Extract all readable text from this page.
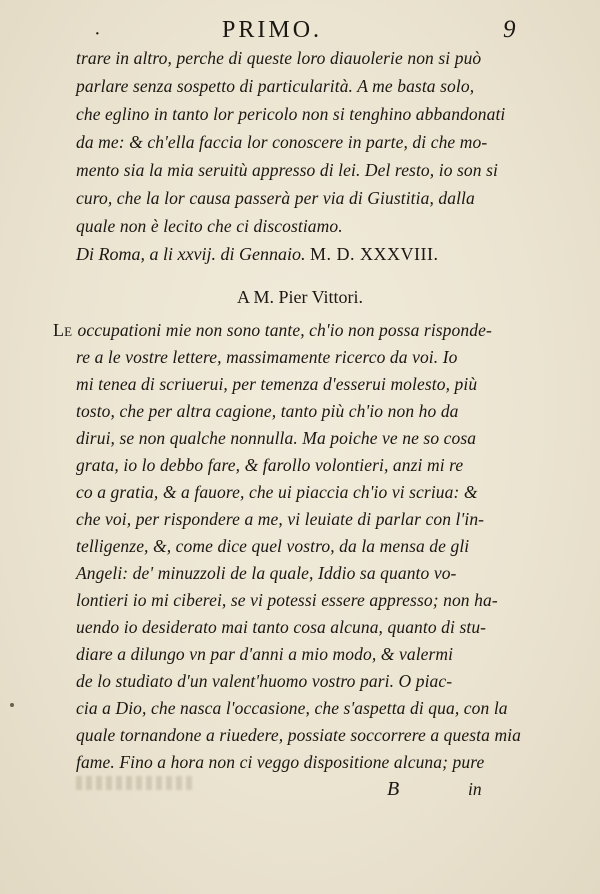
·	PRIMO.	9
trare in altro, perche di queste loro diauolerie non si può
parlare senza sospetto di particularità. A me basta solo,
che eglino in tanto lor pericolo non si tenghino abbandonati
da me: & ch'ella faccia lor conoscere in parte, di che mo-
mento sia la mia seruitù appresso di lei. Del resto, io son si
curo, che la lor causa passerà per via di Giustitia, dalla
quale non è lecito che ci discostiamo.
Di Roma, a li xxvij. di Gennaio. M. D. XXXVIII.
A M. Pier Vittori.
LE occupationi mie non sono tante, ch'io non possa risponde-
re a le vostre lettere, massimamente ricerco da voi. Io
mi tenea di scriuerui, per temenza d'esserui molesto, più
tosto, che per altra cagione, tanto più ch'io non ho da
dirui, se non qualche nonnulla. Ma poiche ve ne so cosa
grata, io lo debbo fare, & farollo volontieri, anzi mi re
co a gratia, & a fauore, che ui piaccia ch'io vi scriua: &
che voi, per rispondere a me, vi leuiate di parlar con l'in-
telligenze, &, come dice quel vostro, da la mensa de gli
Angeli: de' minuzzoli de la quale, Iddio sa quanto vo-
lontieri io mi ciberei, se vi potessi essere appresso; non ha-
uendo io desiderato mai tanto cosa alcuna, quanto di stu-
diare a dilungo vn par d'anni a mio modo, & valermi
de lo studiato d'un valent'huomo vostro pari. O piac-
cia a Dio, che nasca l'occasione, che s'aspetta di qua, con la
quale tornandone a riuedere, possiate soccorrere a questa mia
fame. Fino a hora non ci veggo dispositione alcuna; pure
B	in
